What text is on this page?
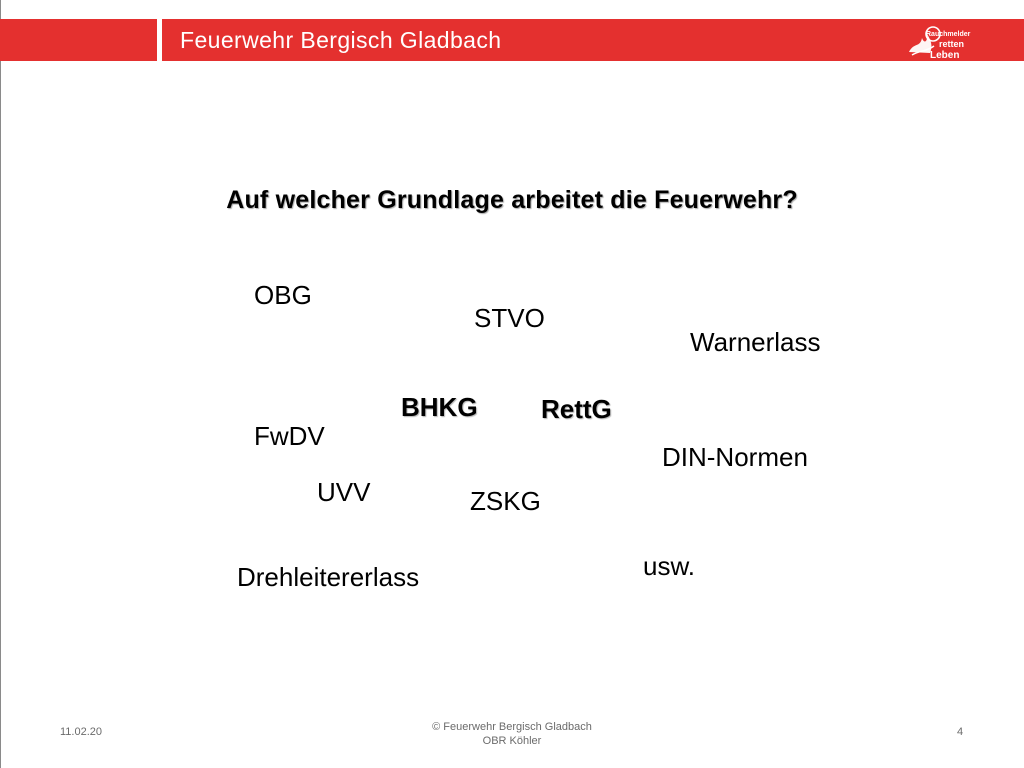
Feuerwehr Bergisch Gladbach	Rauchmelder
retten
Leben
Auf welcher Grundlage arbeitet die Feuerwehr?
OBG
STVO
Warnerlass
BHKG RettG
FwDV
DIN-Normen
UVV	ZSKG
usw.
Drehleitererlass
11.02.20	© Feuerwehr Bergisch Gladbach
OBR Köhler
4
